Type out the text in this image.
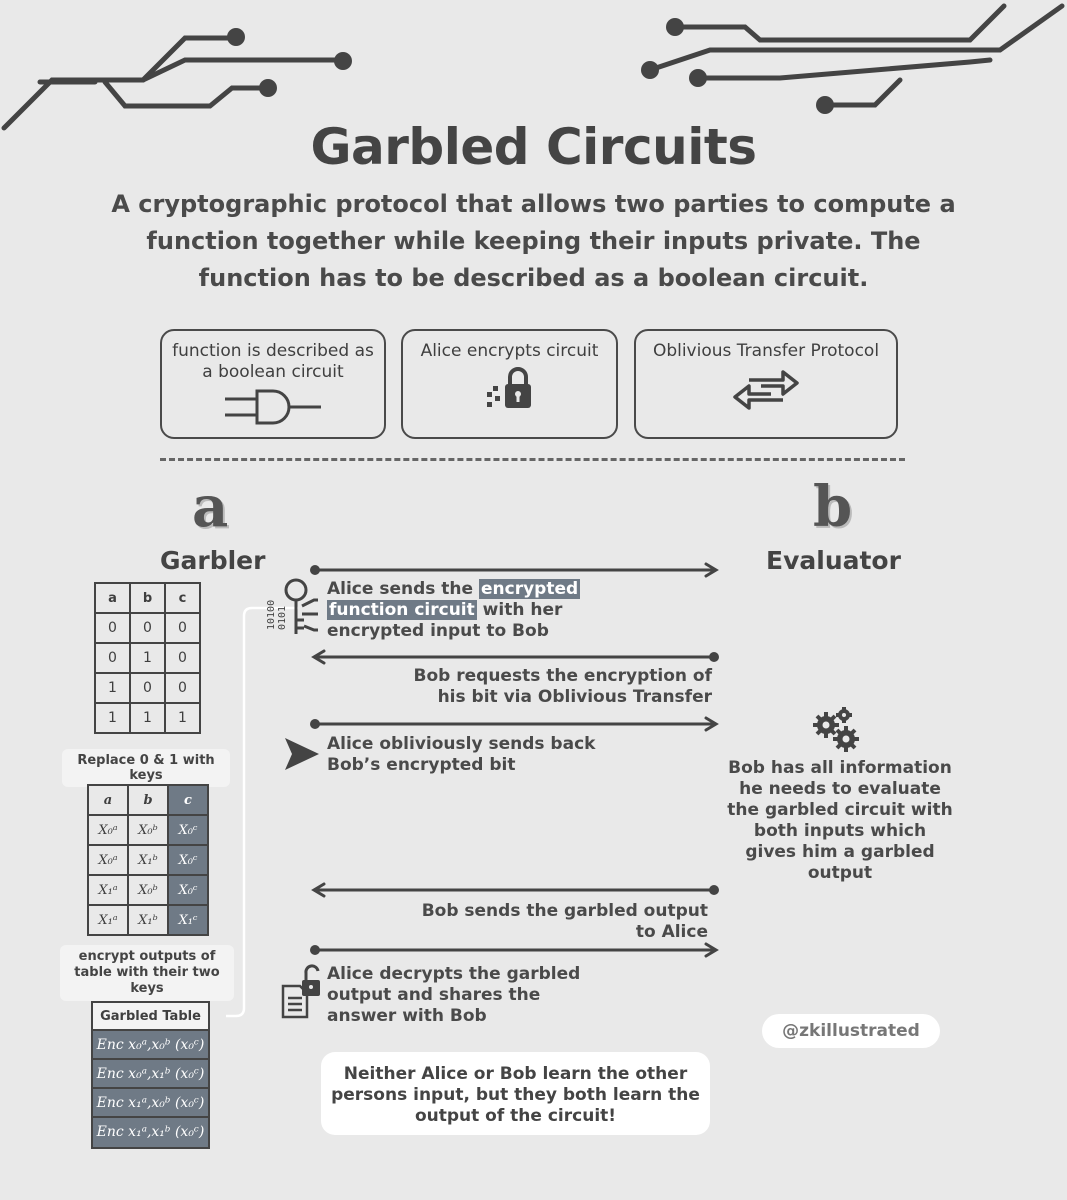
Garbled Circuits
A cryptographic protocol that allows two parties to compute a function together while keeping their inputs private. The function has to be described as a boolean circuit.
function is described as a boolean circuit
Alice encrypts circuit	Oblivious Transfer Protocol
a
Garbler
b
Evaluator
a	b	c
0	0	0
0	1	0
1	0	0
1	1	1
Replace 0 & 1 with keys
a	b	c
X₀ᵃ	X₀ᵇ	X₀ᶜ
X₀ᵃ	X₁ᵇ	X₀ᶜ
X₁ᵃ	X₀ᵇ	X₀ᶜ
X₁ᵃ	X₁ᵇ	X₁ᶜ
encrypt outputs of table with their two keys
Garbled Table
Enc x₀ᵃ,x₀ᵇ (x₀ᶜ)
Enc x₀ᵃ,x₁ᵇ (x₀ᶜ)
Enc x₁ᵃ,x₀ᵇ (x₀ᶜ)
Enc x₁ᵃ,x₁ᵇ (x₀ᶜ)
10100 0101
Alice sends the encrypted
function circuit with her
encrypted input to Bob
Bob requests the encryption of
his bit via Oblivious Transfer
Alice obliviously sends back
Bob’s encrypted bit	Bob has all information he needs to evaluate the garbled circuit with both inputs which gives him a garbled output
Bob sends the garbled output
to Alice
Alice decrypts the garbled
output and shares the
answer with Bob
@zkillustrated
Neither Alice or Bob learn the other persons input, but they both learn the output of the circuit!
